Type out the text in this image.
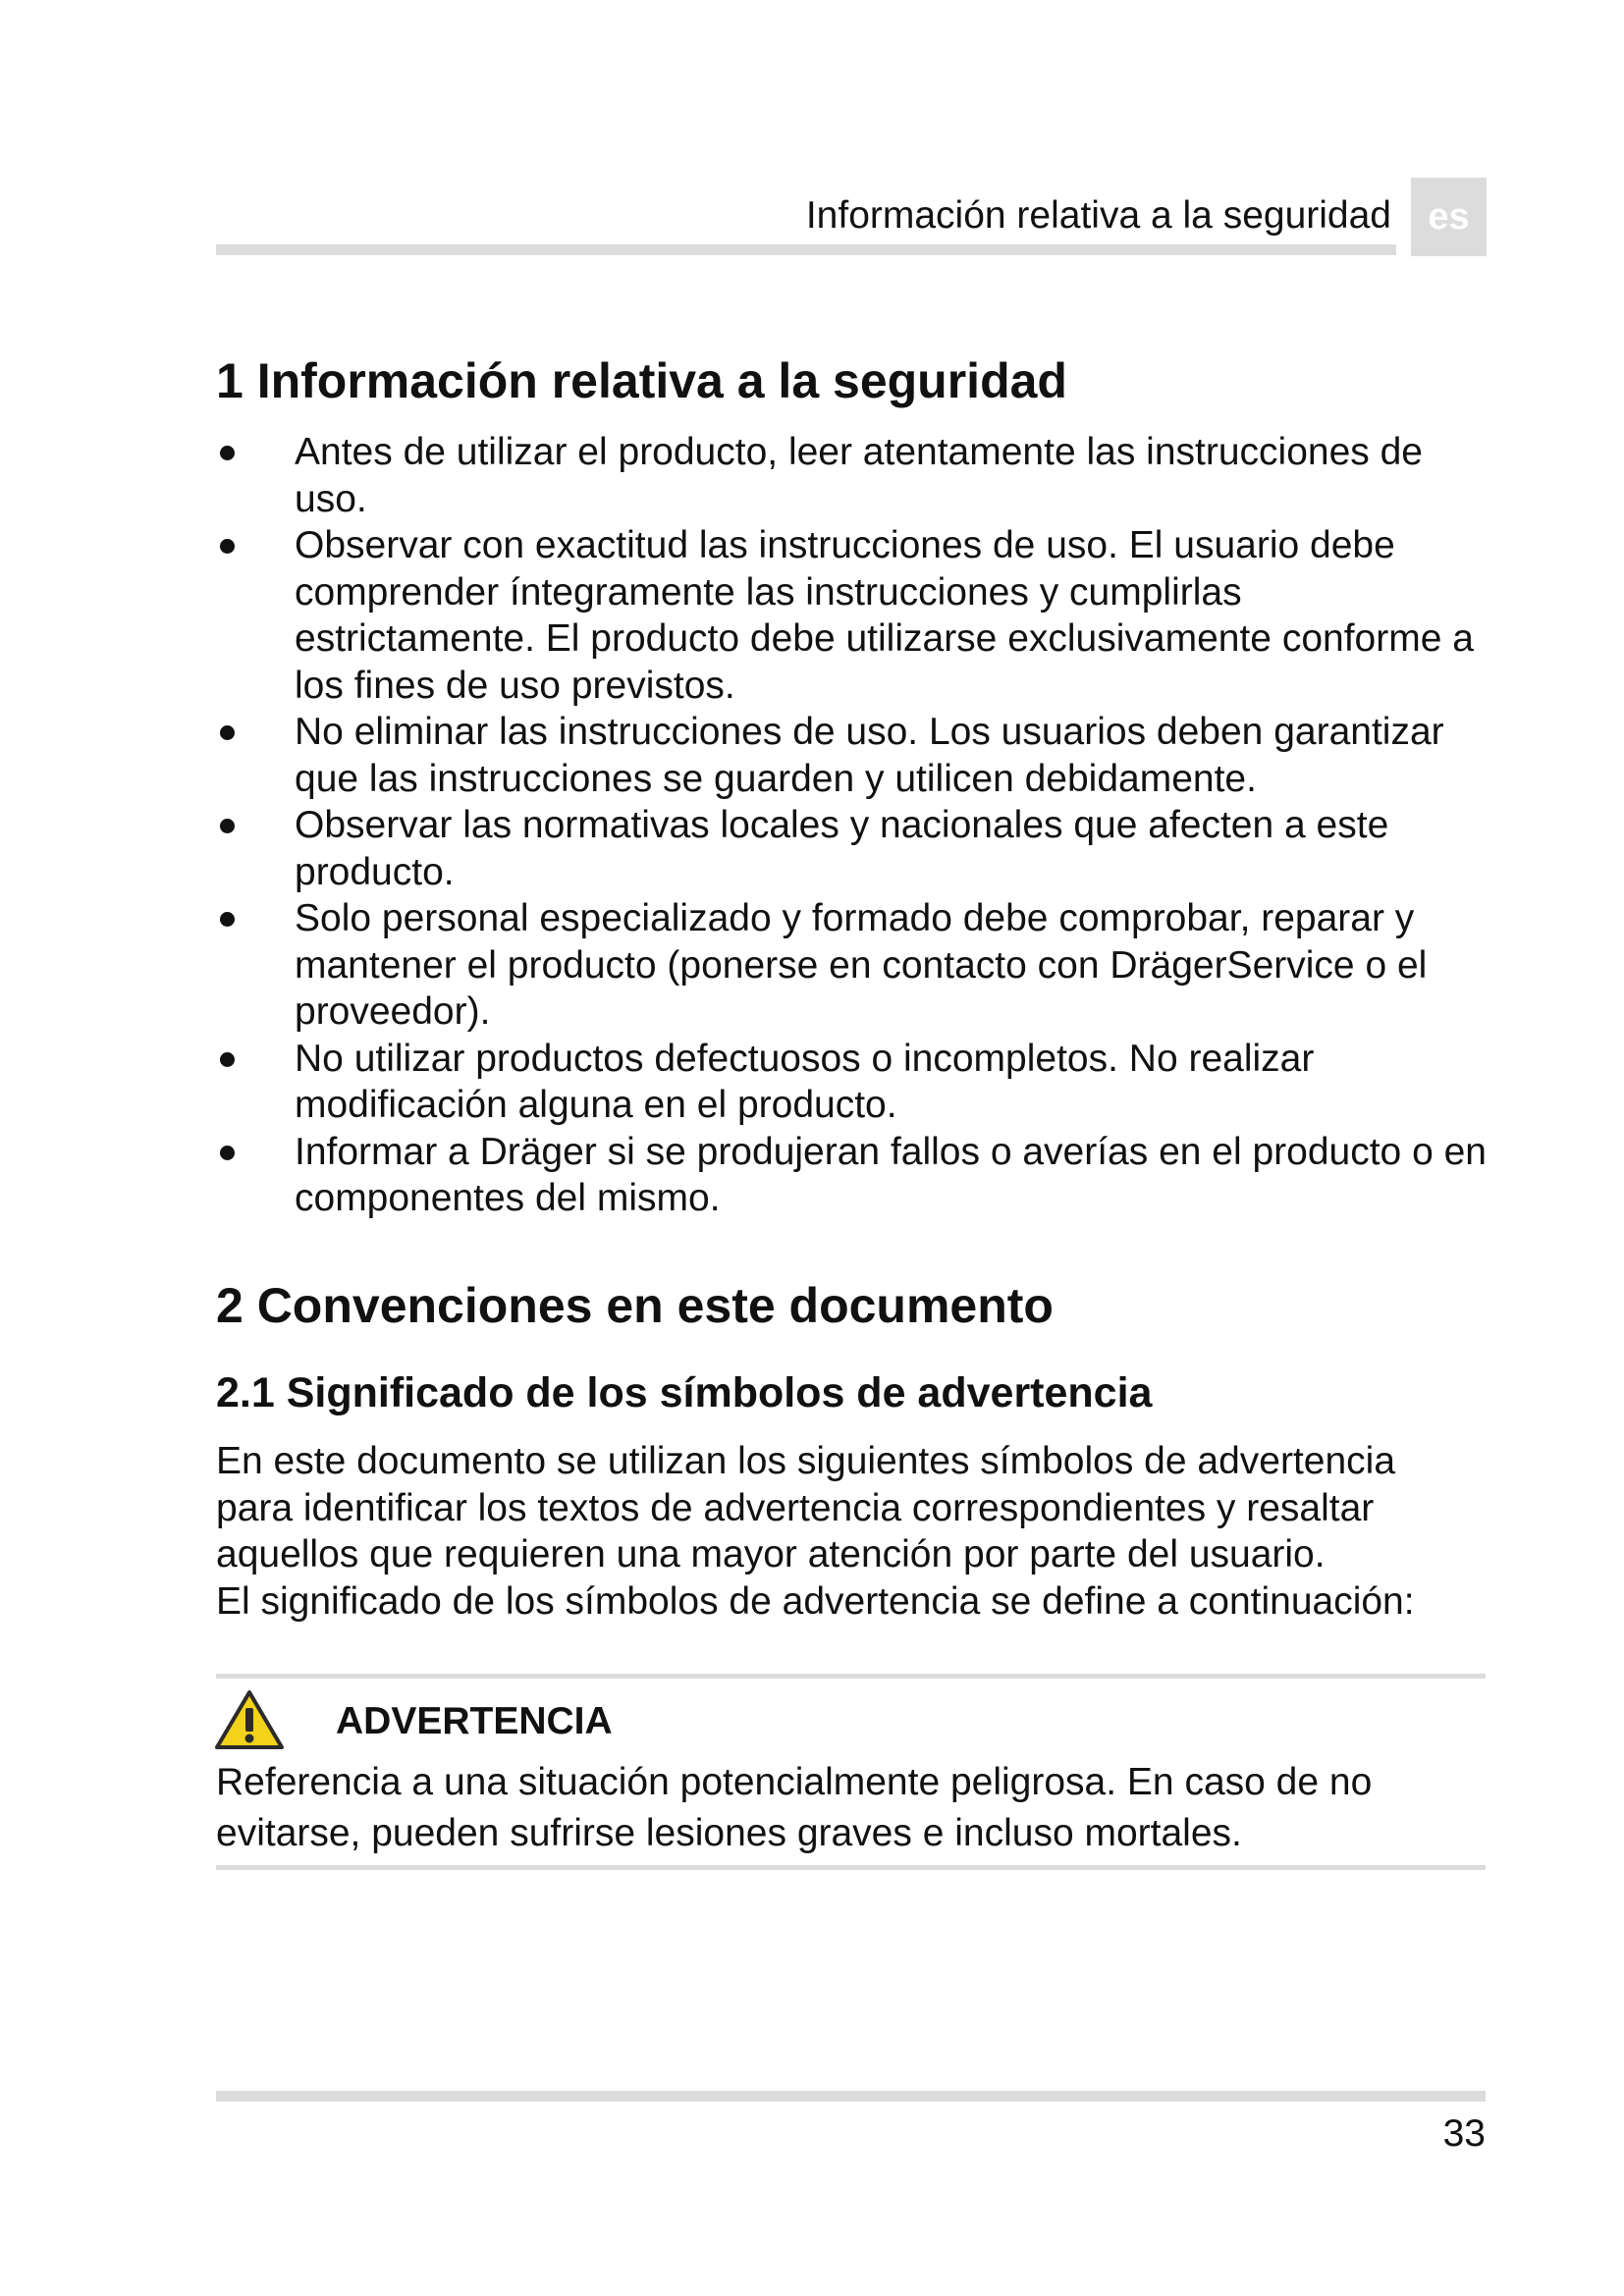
Información relativa a la seguridad es
1 Información relativa a la seguridad
Antes de utilizar el producto, leer atentamente las instrucciones de uso.
Observar con exactitud las instrucciones de uso. El usuario debe comprender íntegramente las instrucciones y cumplirlas estrictamente. El producto debe utilizarse exclusivamente conforme a los fines de uso previstos.
No eliminar las instrucciones de uso. Los usuarios deben garantizar que las instrucciones se guarden y utilicen debidamente.
Observar las normativas locales y nacionales que afecten a este producto.
Solo personal especializado y formado debe comprobar, reparar y mantener el producto (ponerse en contacto con DrägerService o el proveedor).
No utilizar productos defectuosos o incompletos. No realizar modificación alguna en el producto.
Informar a Dräger si se produjeran fallos o averías en el producto o en componentes del mismo.
2 Convenciones en este documento
2.1 Significado de los símbolos de advertencia

En este documento se utilizan los siguientes símbolos de advertencia
para identificar los textos de advertencia correspondientes y resaltar
aquellos que requieren una mayor atención por parte del usuario.
El significado de los símbolos de advertencia se define a continuación:

ADVERTENCIA

Referencia a una situación potencialmente peligrosa. En caso de no evitarse, pueden sufrirse lesiones graves e incluso mortales.

33
